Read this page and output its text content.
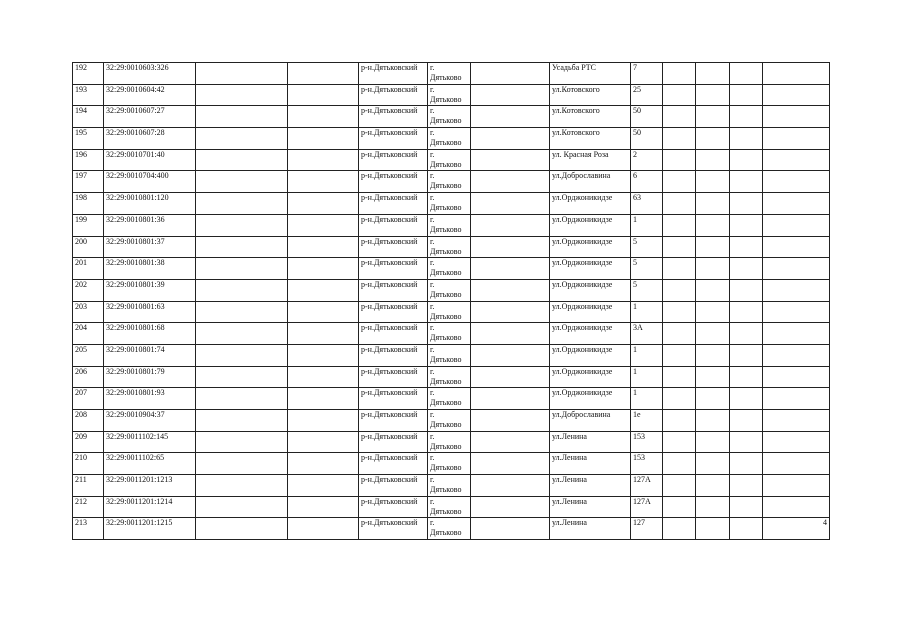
192	32:29:0010603:326			р-н.Дятьковский	г.
Дятьково		Усадьба РТС	7				
193	32:29:0010604:42			р-н.Дятьковский	г.
Дятьково		ул.Котовского	25				
194	32:29:0010607:27			р-н.Дятьковский	г.
Дятьково		ул.Котовского	50				
195	32:29:0010607:28			р-н.Дятьковский	г.
Дятьково		ул.Котовского	50				
196	32:29:0010701:40			р-н.Дятьковский	г.
Дятьково		ул. Красная Роза	2				
197	32:29:0010704:400			р-н.Дятьковский	г.
Дятьково		ул.Доброславина	6				
198	32:29:0010801:120			р-н.Дятьковский	г.
Дятьково		ул.Орджоникидзе	63				
199	32:29:0010801:36			р-н.Дятьковский	г.
Дятьково		ул.Орджоникидзе	1				
200	32:29:0010801:37			р-н.Дятьковский	г.
Дятьково		ул.Орджоникидзе	5				
201	32:29:0010801:38			р-н.Дятьковский	г.
Дятьково		ул.Орджоникидзе	5				
202	32:29:0010801:39			р-н.Дятьковский	г.
Дятьково		ул.Орджоникидзе	5				
203	32:29:0010801:63			р-н.Дятьковский	г.
Дятьково		ул.Орджоникидзе	1				
204	32:29:0010801:68			р-н.Дятьковский	г.
Дятьково		ул.Орджоникидзе	3А				
205	32:29:0010801:74			р-н.Дятьковский	г.
Дятьково		ул.Орджоникидзе	1				
206	32:29:0010801:79			р-н.Дятьковский	г.
Дятьково		ул.Орджоникидзе	1				
207	32:29:0010801:93			р-н.Дятьковский	г.
Дятьково		ул.Орджоникидзе	1				
208	32:29:0010904:37			р-н.Дятьковский	г.
Дятьково		ул.Доброславина	1е				
209	32:29:0011102:145			р-н.Дятьковский	г.
Дятьково		ул.Ленина	153				
210	32:29:0011102:65			р-н.Дятьковский	г.
Дятьково		ул.Ленина	153				
211	32:29:0011201:1213			р-н.Дятьковский	г.
Дятьково		ул.Ленина	127А				
212	32:29:0011201:1214			р-н.Дятьковский	г.
Дятьково		ул.Ленина	127А				
213	32:29:0011201:1215			р-н.Дятьковский	г.
Дятьково		ул.Ленина	127				4
